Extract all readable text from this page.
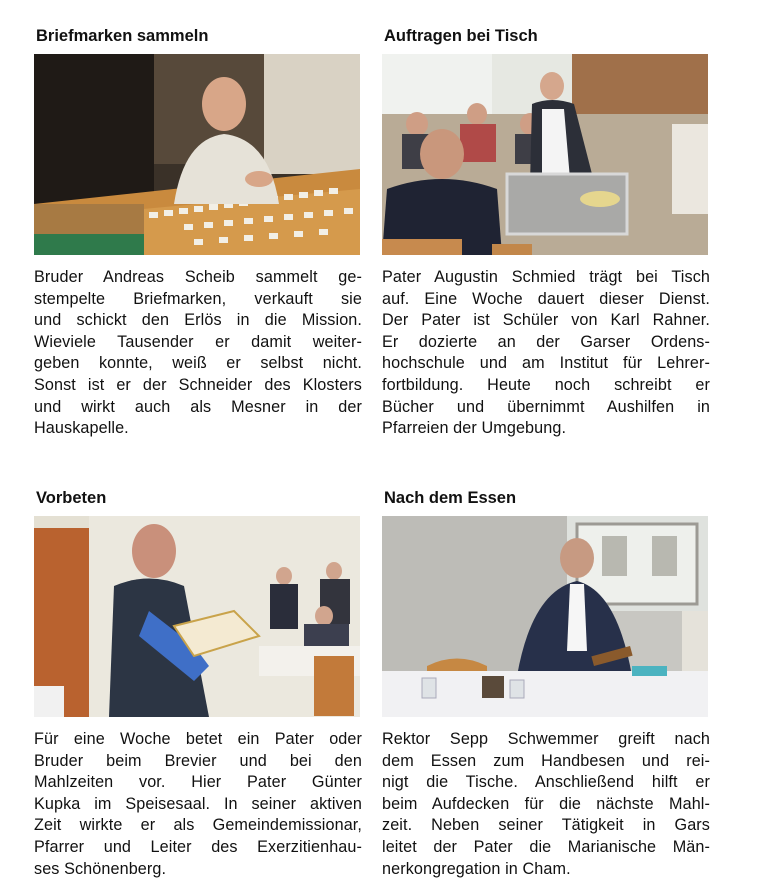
Briefmarken sammeln
Bruder Andreas Scheib sammelt ge-
stempelte Briefmarken, verkauft sie
und schickt den Erlös in die Mission.
Wieviele Tausender er damit weiter-
geben konnte, weiß er selbst nicht.
Sonst ist er der Schneider des Klosters
und wirkt auch als Mesner in der
Hauskapelle.
Auftragen bei Tisch
Pater Augustin Schmied trägt bei Tisch
auf. Eine Woche dauert dieser Dienst.
Der Pater ist Schüler von Karl Rahner.
Er dozierte an der Garser Ordens-
hochschule und am Institut für Lehrer-
fortbildung. Heute noch schreibt er
Bücher und übernimmt Aushilfen in
Pfarreien der Umgebung.
Vorbeten
Für eine Woche betet ein Pater oder
Bruder beim Brevier und bei den
Mahlzeiten vor. Hier Pater Günter
Kupka im Speisesaal. In seiner aktiven
Zeit wirkte er als Gemeindemissionar,
Pfarrer und Leiter des Exerzitienhau-
ses Schönenberg.
Nach dem Essen
Rektor Sepp Schwemmer greift nach
dem Essen zum Handbesen und rei-
nigt die Tische. Anschließend hilft er
beim Aufdecken für die nächste Mahl-
zeit. Neben seiner Tätigkeit in Gars
leitet der Pater die Marianische Män-
nerkongregation in Cham.
